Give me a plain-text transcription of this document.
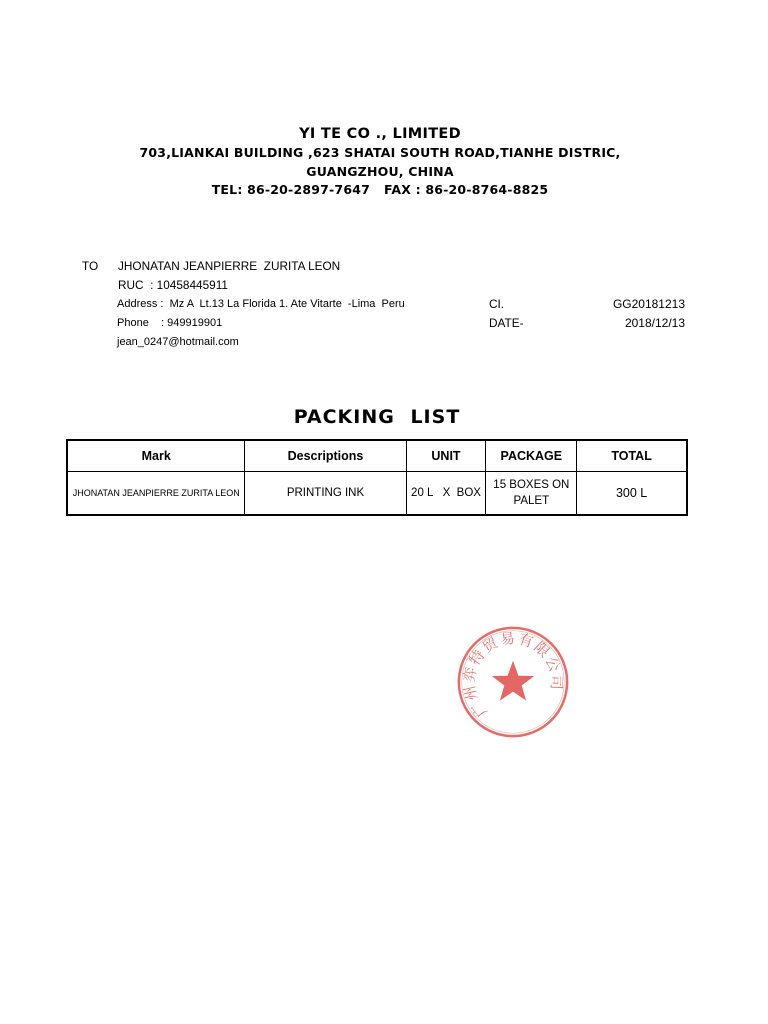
YI TE CO ., LIMITED
703,LIANKAI BUILDING ,623 SHATAI SOUTH ROAD,TIANHE DISTRIC,
GUANGZHOU, CHINA
TEL: 86-20-2897-7647 FAX : 86-20-8764-8825
TO JHONATAN JEANPIERRE  ZURITA LEON
RUC  : 10458445911
Address :  Mz A  Lt.13 La Florida 1. Ate Vitarte  -Lima  Peru
Phone    : 949919901
jean_0247@hotmail.com
CI.	GG20181213
DATE-	2018/12/13
PACKING LIST
Mark	Descriptions	UNIT	PACKAGE	TOTAL
JHONATAN JEANPIERRE ZURITA LEON	PRINTING INK	20 L   X  BOX	15 BOXES ON PALET	300 L
广州弈特贸易有限公司
